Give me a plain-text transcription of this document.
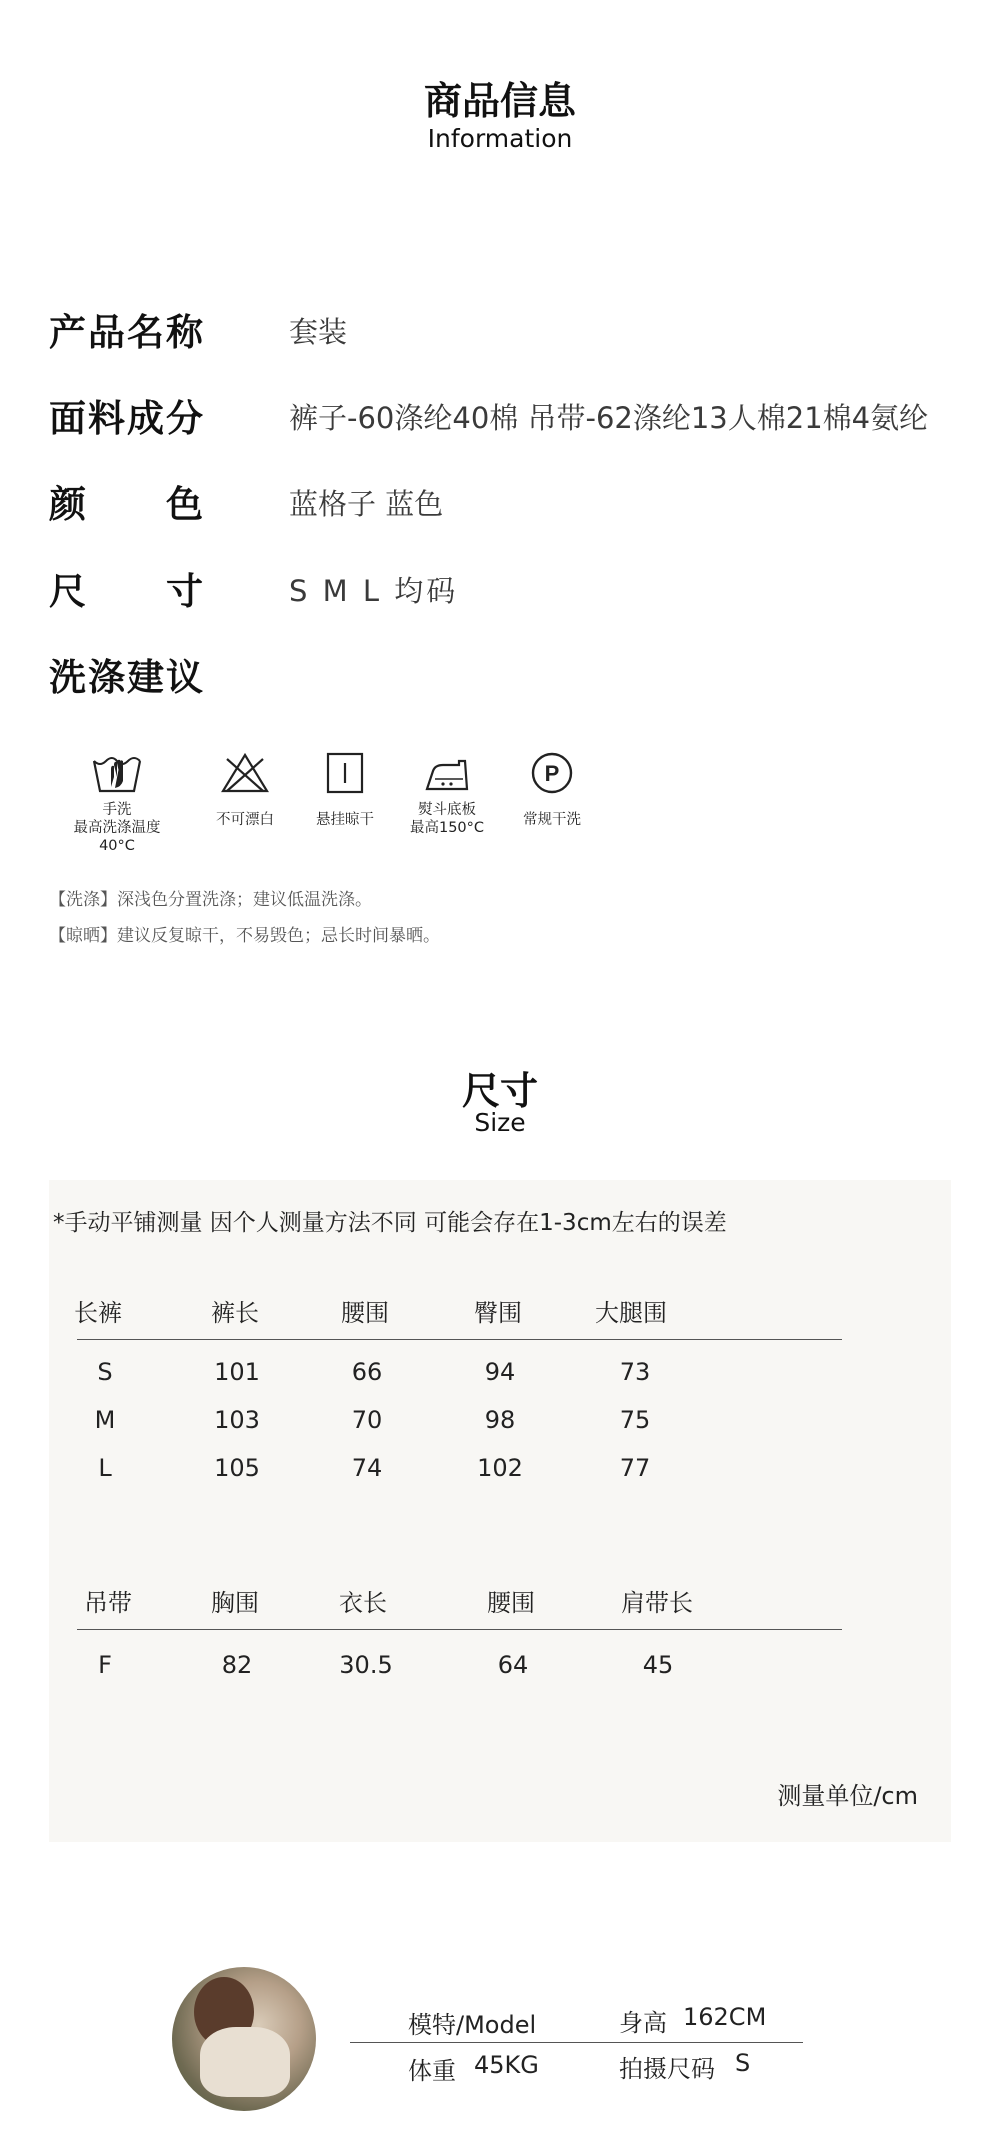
商品信息
Information
产品名称	套装
面料成分	裤子-60涤纶40棉 吊带-62涤纶13人棉21棉4氨纶
颜　　色	蓝格子 蓝色
尺　　寸	S M L 均码
洗涤建议
手洗
最高洗涤温度40°C
不可漂白	悬挂晾干
熨斗底板
最高150°C
P
常规干洗
【洗涤】深浅色分置洗涤；建议低温洗涤。
【晾晒】建议反复晾干，不易毁色；忌长时间暴晒。
尺寸
Size
*手动平铺测量 因个人测量方法不同 可能会存在1-3cm左右的误差
长裤	裤长	腰围	臀围	大腿围
S	101	66	94	73
M	103	70	98	75
L	105	74	102	77
吊带	胸围	衣长	腰围	肩带长
F	82	30.5	64	45
测量单位/cm
模特/Model	身高 162CM
体重 45KG	拍摄尺码 S
